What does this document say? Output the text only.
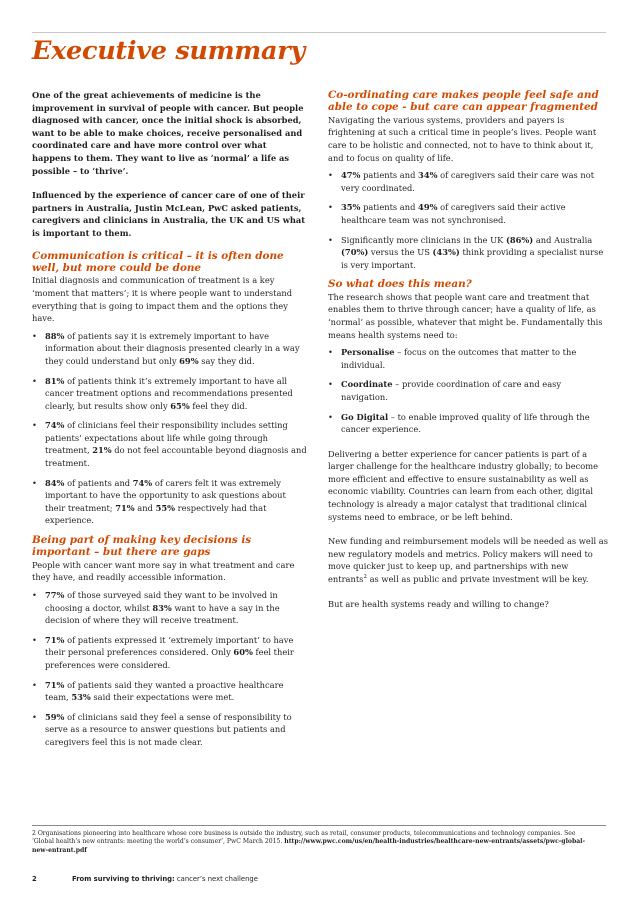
Executive summary

One of the great achievements of medicine is the improvement in survival of people with cancer. But people diagnosed with cancer, once the initial shock is absorbed, want to be able to make choices, receive personalised and coordinated care and have more control over what happens to them. They want to live as ‘normal’ a life as possible – to ‘thrive’.

Influenced by the experience of cancer care of one of their partners in Australia, Justin McLean, PwC asked patients, caregivers and clinicians in Australia, the UK and US what is important to them.

Communication is critical – it is often done well, but more could be done

Initial diagnosis and communication of treatment is a key ‘moment that matters’; it is where people want to understand everything that is going to impact them and the options they have.

• 88% of patients say it is extremely important to have information about their diagnosis presented clearly in a way they could understand but only 69% say they did.
• 81% of patients think it’s extremely important to have all cancer treatment options and recommendations presented clearly, but results show only 65% feel they did.
• 74% of clinicians feel their responsibility includes setting patients’ expectations about life while going through treatment, 21% do not feel accountable beyond diagnosis and treatment.
• 84% of patients and 74% of carers felt it was extremely important to have the opportunity to ask questions about their treatment; 71% and 55% respectively had that experience.
Being part of making key decisions is important – but there are gaps

People with cancer want more say in what treatment and care they have, and readily accessible information.

• 77% of those surveyed said they want to be involved in choosing a doctor, whilst 83% want to have a say in the decision of where they will receive treatment.
• 71% of patients expressed it ‘extremely important’ to have their personal preferences considered. Only 60% feel their preferences were considered.
• 71% of patients said they wanted a proactive healthcare team, 53% said their expectations were met.
• 59% of clinicians said they feel a sense of responsibility to serve as a resource to answer questions but patients and caregivers feel this is not made clear.
Co-ordinating care makes people feel safe and able to cope - but care can appear fragmented

Navigating the various systems, providers and payers is frightening at such a critical time in people’s lives. People want care to be holistic and connected, not to have to think about it, and to focus on quality of life.

• 47% patients and 34% of caregivers said their care was not very coordinated.
• 35% patients and 49% of caregivers said their active healthcare team was not synchronised.
• Significantly more clinicians in the UK (86%) and Australia (70%) versus the US (43%) think providing a specialist nurse is very important.
So what does this mean?

The research shows that people want care and treatment that enables them to thrive through cancer; have a quality of life, as ‘normal’ as possible, whatever that might be. Fundamentally this means health systems need to:

• Personalise – focus on the outcomes that matter to the individual.
• Coordinate – provide coordination of care and easy navigation.
• Go Digital – to enable improved quality of life through the cancer experience.

Delivering a better experience for cancer patients is part of a larger challenge for the healthcare industry globally; to become more efficient and effective to ensure sustainability as well as economic viability. Countries can learn from each other, digital technology is already a major catalyst that traditional clinical systems need to embrace, or be left behind.

New funding and reimbursement models will be needed as well as new regulatory models and metrics. Policy makers will need to move quicker just to keep up, and partnerships with new entrants$^2$ as well as public and private investment will be key.

But are health systems ready and willing to change?

2 Organisations pioneering into healthcare whose core business is outside the industry, such as retail, consumer products, telecommunications and technology companies. See ‘Global health’s new entrants: meeting the world’s consumer’, PwC March 2015. http://www.pwc.com/us/en/health-industries/healthcare-new-entrants/assets/pwc-global-new-entrant.pdf

2	From surviving to thriving: cancer’s next challenge
